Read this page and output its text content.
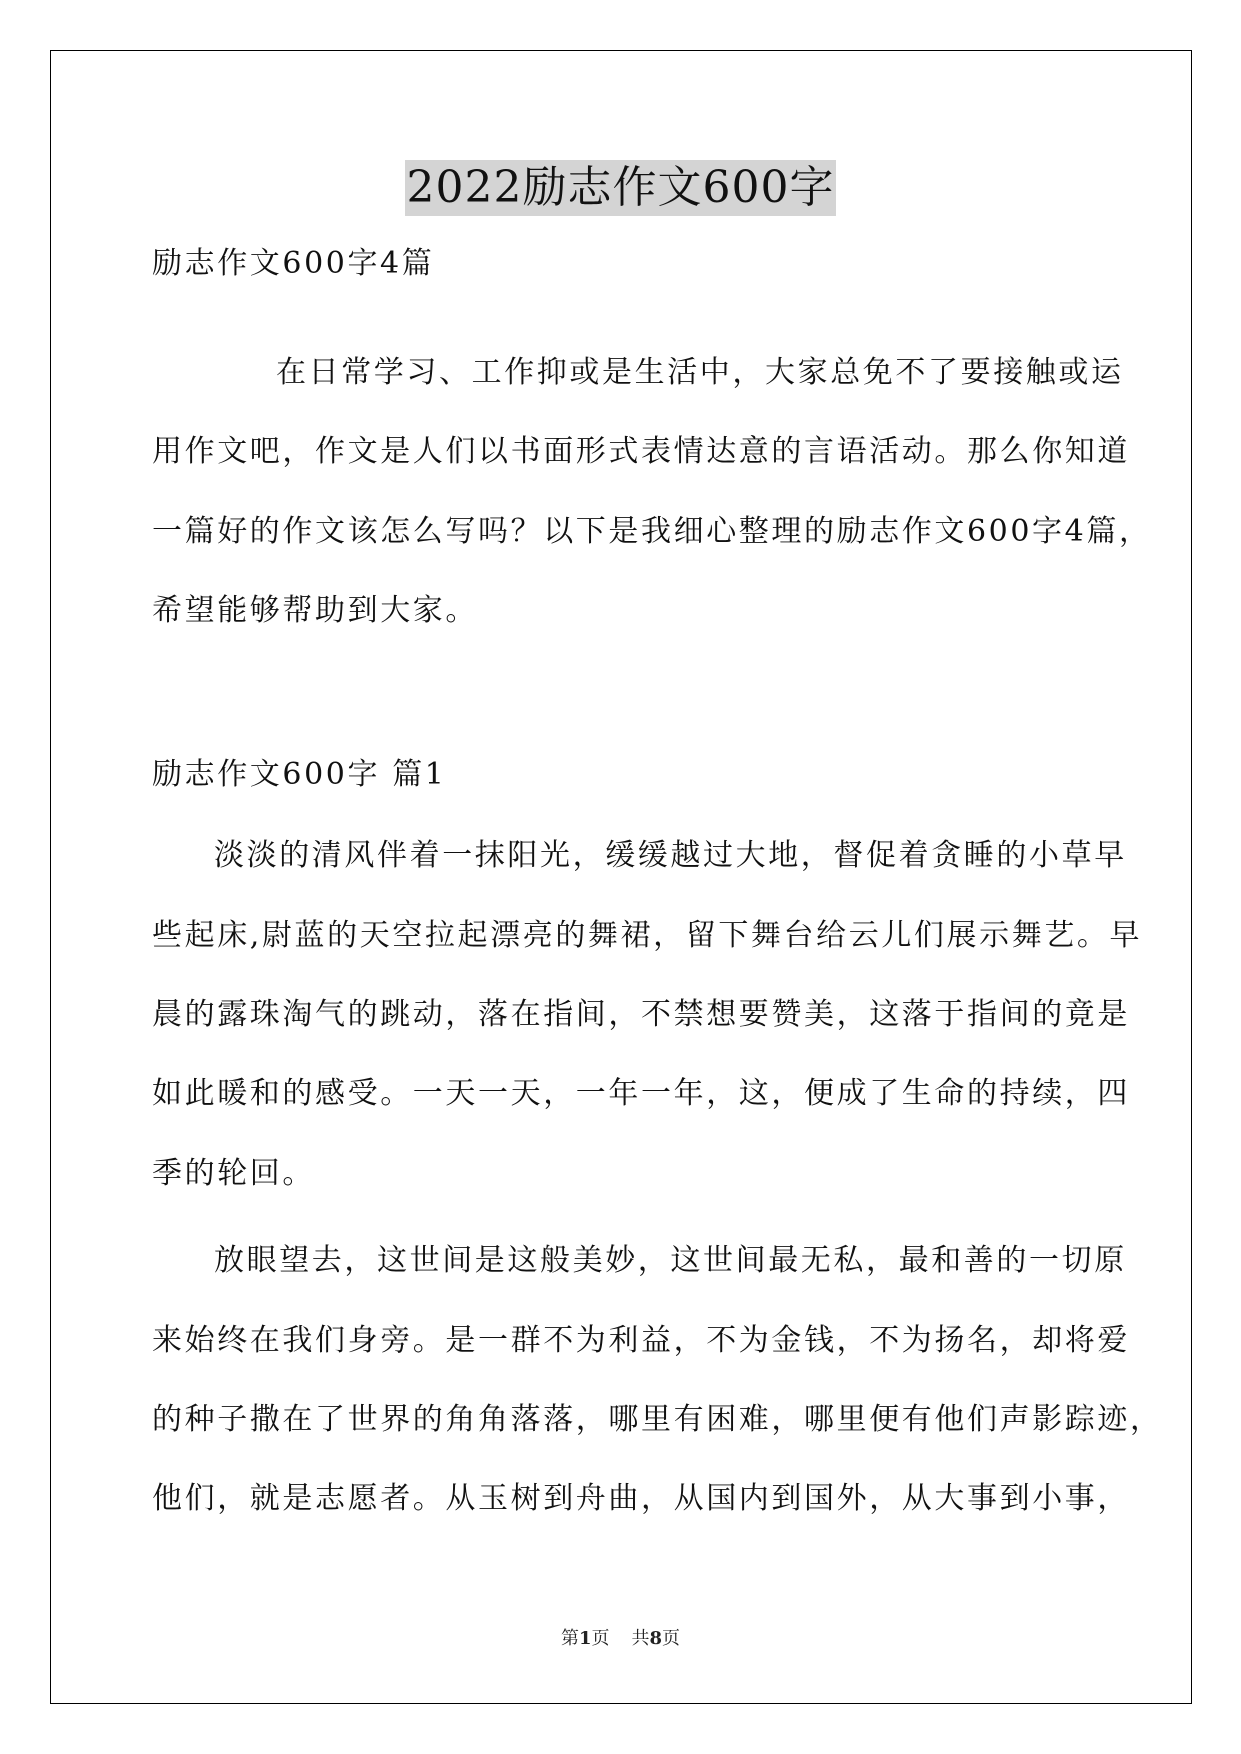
2022励志作文600字
励志作文600字4篇
在日常学习、工作抑或是生活中，大家总免不了要接触或运
用作文吧，作文是人们以书面形式表情达意的言语活动。那么你知道
一篇好的作文该怎么写吗？以下是我细心整理的励志作文600字4篇，
希望能够帮助到大家。
励志作文600字 篇1
淡淡的清风伴着一抹阳光，缓缓越过大地，督促着贪睡的小草早
些起床,尉蓝的天空拉起漂亮的舞裙，留下舞台给云儿们展示舞艺。早
晨的露珠淘气的跳动，落在指间，不禁想要赞美，这落于指间的竟是
如此暖和的感受。一天一天，一年一年，这，便成了生命的持续，四
季的轮回。
放眼望去，这世间是这般美妙，这世间最无私，最和善的一切原
来始终在我们身旁。是一群不为利益，不为金钱，不为扬名，却将爱
的种子撒在了世界的角角落落，哪里有困难，哪里便有他们声影踪迹，
他们，就是志愿者。从玉树到舟曲，从国内到国外，从大事到小事，
第1页 共8页
